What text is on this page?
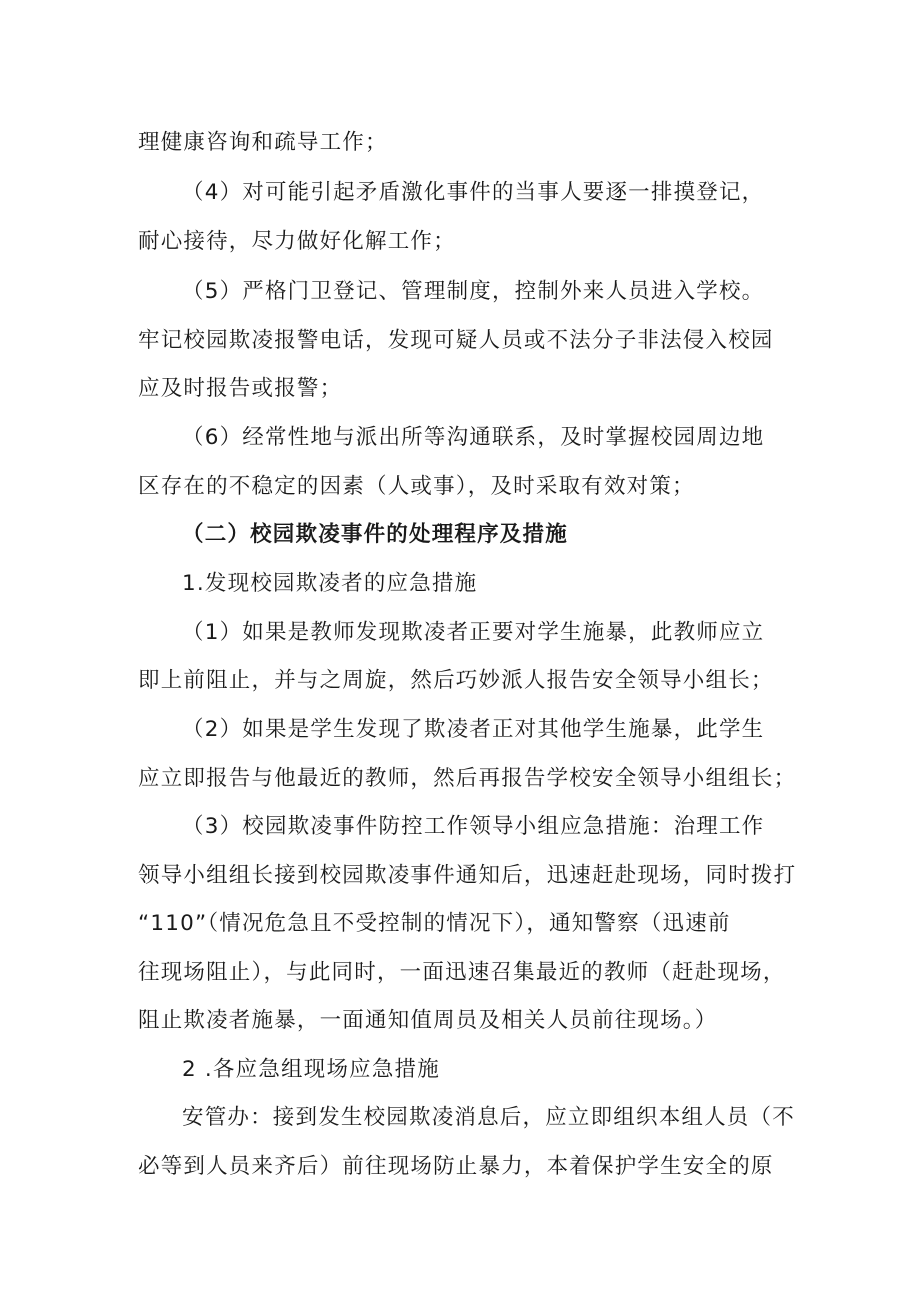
理健康咨询和疏导工作；
（4）对可能引起矛盾激化事件的当事人要逐一排摸登记，
耐心接待，尽力做好化解工作；
（5）严格门卫登记、管理制度，控制外来人员进入学校。
牢记校园欺凌报警电话，发现可疑人员或不法分子非法侵入校园
应及时报告或报警；
（6）经常性地与派出所等沟通联系，及时掌握校园周边地
区存在的不稳定的因素（人或事），及时采取有效对策；
（二）校园欺凌事件的处理程序及措施
1.发现校园欺凌者的应急措施
（1）如果是教师发现欺凌者正要对学生施暴，此教师应立
即上前阻止，并与之周旋，然后巧妙派人报告安全领导小组长；
（2）如果是学生发现了欺凌者正对其他学生施暴，此学生
应立即报告与他最近的教师，然后再报告学校安全领导小组组长；
（3）校园欺凌事件防控工作领导小组应急措施：治理工作
领导小组组长接到校园欺凌事件通知后，迅速赶赴现场，同时拨打
“110”（情况危急且不受控制的情况下），通知警察（迅速前
往现场阻止），与此同时，一面迅速召集最近的教师（赶赴现场，
阻止欺凌者施暴，一面通知值周员及相关人员前往现场。）
2 .各应急组现场应急措施
安管办：接到发生校园欺凌消息后，应立即组织本组人员（不
必等到人员来齐后）前往现场防止暴力，本着保护学生安全的原
